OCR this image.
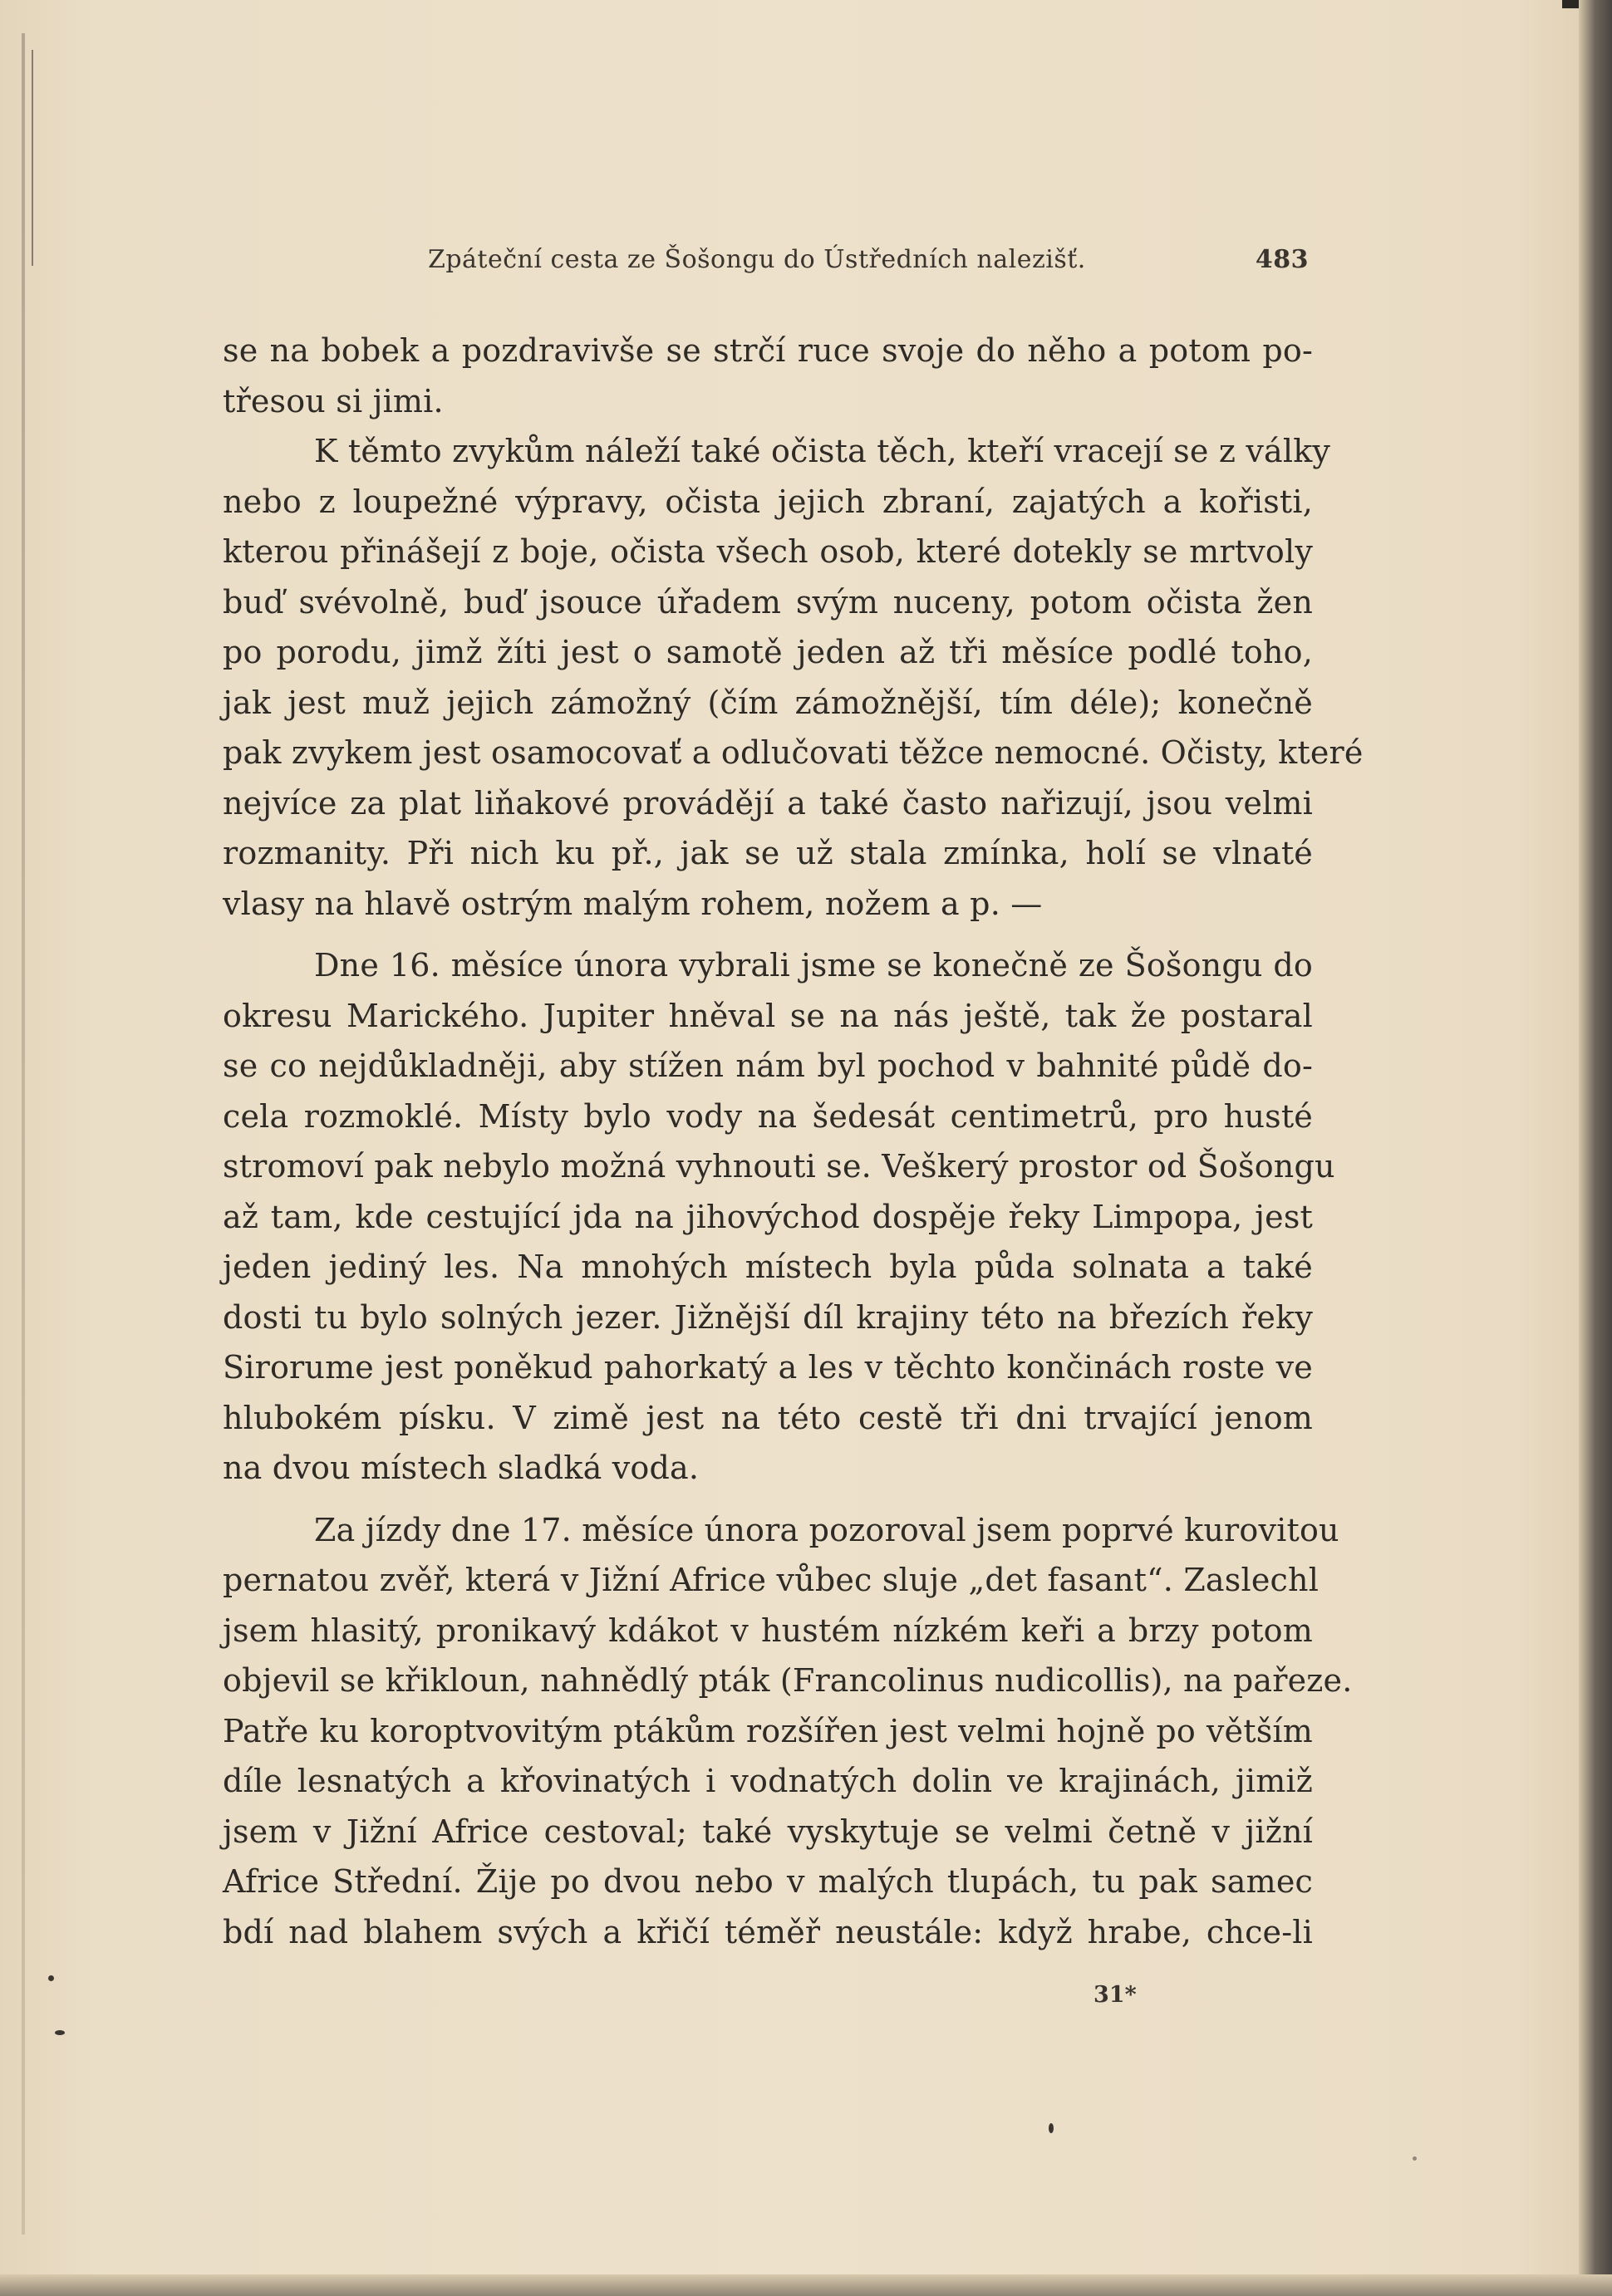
Zpáteční cesta ze Šošongu do Ústředních nalezišť.	483
se na bobek a pozdravivše se strčí ruce svoje do něho a potom po-
třesou si jimi.
K těmto zvykům náleží také očista těch, kteří vracejí se z války
nebo z loupežné výpravy, očista jejich zbraní, zajatých a kořisti,
kterou přinášejí z boje, očista všech osob, které dotekly se mrtvoly
buď svévolně, buď jsouce úřadem svým nuceny, potom očista žen
po porodu, jimž žíti jest o samotě jeden až tři měsíce podlé toho,
jak jest muž jejich zámožný (čím zámožnější, tím déle); konečně
pak zvykem jest osamocovať a odlučovati těžce nemocné. Očisty, které
nejvíce za plat liňakové provádějí a také často nařizují, jsou velmi
rozmanity. Při nich ku př., jak se už stala zmínka, holí se vlnaté
vlasy na hlavě ostrým malým rohem, nožem a p. —
Dne 16. měsíce února vybrali jsme se konečně ze Šošongu do
okresu Marického. Jupiter hněval se na nás ještě, tak že postaral
se co nejdůkladněji, aby stížen nám byl pochod v bahnité půdě do-
cela rozmoklé. Místy bylo vody na šedesát centimetrů, pro husté
stromoví pak nebylo možná vyhnouti se. Veškerý prostor od Šošongu
až tam, kde cestující jda na jihovýchod dospěje řeky Limpopa, jest
jeden jediný les. Na mnohých místech byla půda solnata a také
dosti tu bylo solných jezer. Jižnější díl krajiny této na březích řeky
Sirorume jest poněkud pahorkatý a les v těchto končinách roste ve
hlubokém písku. V zimě jest na této cestě tři dni trvající jenom
na dvou místech sladká voda.
Za jízdy dne 17. měsíce února pozoroval jsem poprvé kurovitou
pernatou zvěř, která v Jižní Africe vůbec sluje „det fasant“. Zaslechl
jsem hlasitý, pronikavý kdákot v hustém nízkém keři a brzy potom
objevil se křikloun, nahnědlý pták (Francolinus nudicollis), na pařeze.
Patře ku koroptvovitým ptákům rozšířen jest velmi hojně po větším
díle lesnatých a křovinatých i vodnatých dolin ve krajinách, jimiž
jsem v Jižní Africe cestoval; také vyskytuje se velmi četně v jižní
Africe Střední. Žije po dvou nebo v malých tlupách, tu pak samec
bdí nad blahem svých a křičí téměř neustále: když hrabe, chce-li
31*
